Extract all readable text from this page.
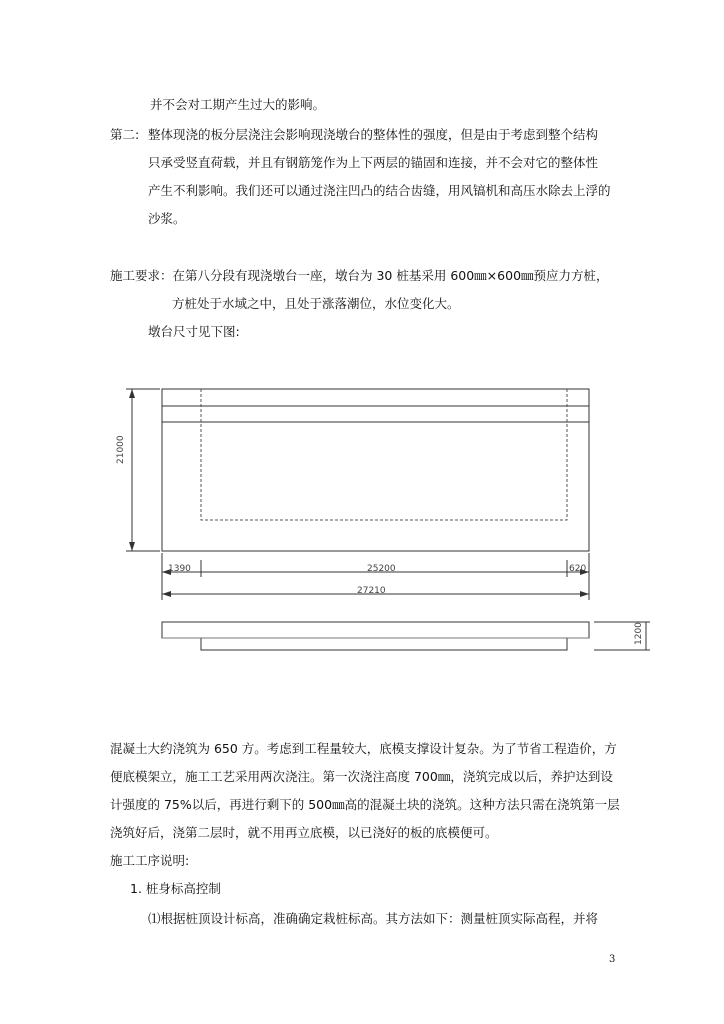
并不会对工期产生过大的影响。
第二: 整体现浇的板分层浇注会影响现浇墩台的整体性的强度，但是由于考虑到整个结构
只承受竖直荷载，并且有钢筋笼作为上下两层的锚固和连接，并不会对它的整体性
产生不利影响。我们还可以通过浇注凹凸的结合齿缝，用风镐机和高压水除去上浮的
沙浆。
施工要求：在第八分段有现浇墩台一座，墩台为 30 桩基采用 600㎜×600㎜预应力方桩，
方桩处于水域之中，且处于涨落潮位，水位变化大。
墩台尺寸见下图:
21000
1390	25200	620
27210
1200
混凝土大约浇筑为 650 方。考虑到工程量较大，底模支撑设计复杂。为了节省工程造价，方
便底模架立，施工工艺采用两次浇注。第一次浇注高度 700㎜，浇筑完成以后，养护达到设
计强度的 75%以后，再进行剩下的 500㎜高的混凝土块的浇筑。这种方法只需在浇筑第一层
浇筑好后，浇第二层时，就不用再立底模，以已浇好的板的底模便可。
施工工序说明:
1. 桩身标高控制
⑴根据桩顶设计标高，准确确定栽桩标高。其方法如下：测量桩顶实际高程，并将
3
